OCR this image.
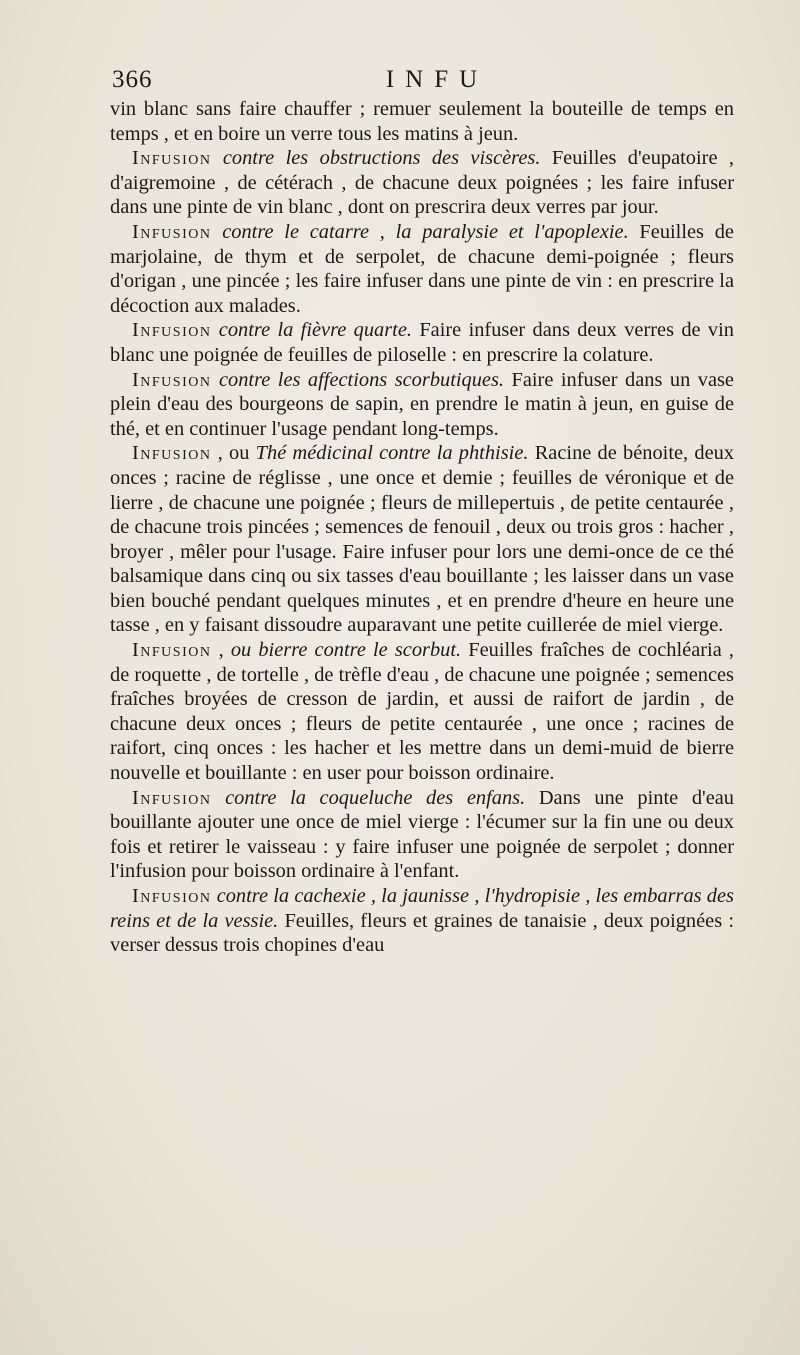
366	INFU

vin blanc sans faire chauffer ; remuer seulement la bouteille de temps en temps , et en boire un verre tous les matins à jeun.

Infusion contre les obstructions des viscères. Feuilles d'eupatoire , d'aigremoine , de cétérach , de chacune deux poignées ; les faire infuser dans une pinte de vin blanc , dont on prescrira deux verres par jour.

Infusion contre le catarre , la paralysie et l'apoplexie. Feuilles de marjolaine, de thym et de serpolet, de chacune demi-poignée ; fleurs d'origan , une pincée ; les faire infuser dans une pinte de vin : en prescrire la décoction aux malades.

Infusion contre la fièvre quarte. Faire infuser dans deux verres de vin blanc une poignée de feuilles de piloselle : en prescrire la colature.

Infusion contre les affections scorbutiques. Faire infuser dans un vase plein d'eau des bourgeons de sapin, en prendre le matin à jeun, en guise de thé, et en continuer l'usage pendant long-temps.

Infusion , ou Thé médicinal contre la phthisie. Racine de bénoite, deux onces ; racine de réglisse , une once et demie ; feuilles de véronique et de lierre , de chacune une poignée ; fleurs de millepertuis , de petite centaurée , de chacune trois pincées ; semences de fenouil , deux ou trois gros : hacher , broyer , mêler pour l'usage. Faire infuser pour lors une demi-once de ce thé balsamique dans cinq ou six tasses d'eau bouillante ; les laisser dans un vase bien bouché pendant quelques minutes , et en prendre d'heure en heure une tasse , en y faisant dissoudre auparavant une petite cuillerée de miel vierge.

Infusion , ou bierre contre le scorbut. Feuilles fraîches de cochléaria , de roquette , de tortelle , de trèfle d'eau , de chacune une poignée ; semences fraîches broyées de cresson de jardin, et aussi de raifort de jardin , de chacune deux onces ; fleurs de petite centaurée , une once ; racines de raifort, cinq onces : les hacher et les mettre dans un demi-muid de bierre nouvelle et bouillante : en user pour boisson ordinaire.

Infusion contre la coqueluche des enfans. Dans une pinte d'eau bouillante ajouter une once de miel vierge : l'écumer sur la fin une ou deux fois et retirer le vaisseau : y faire infuser une poignée de serpolet ; donner l'infusion pour boisson ordinaire à l'enfant.

Infusion contre la cachexie , la jaunisse , l'hydropisie , les embarras des reins et de la vessie. Feuilles, fleurs et graines de tanaisie , deux poignées : verser dessus trois chopines d'eau
